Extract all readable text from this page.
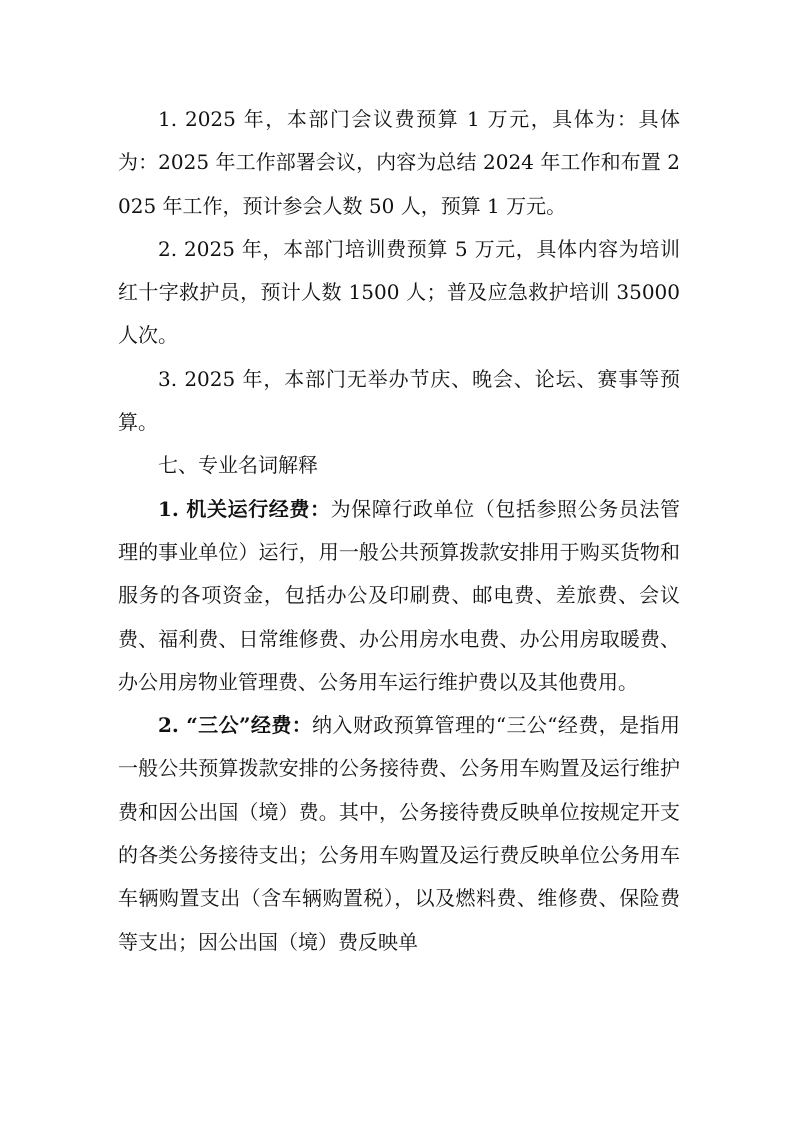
1. 2025 年，本部门会议费预算 1 万元，具体为：具体为：2025 年工作部署会议，内容为总结 2024 年工作和布置 2025 年工作，预计参会人数 50 人，预算 1 万元。

2. 2025 年，本部门培训费预算 5 万元，具体内容为培训红十字救护员，预计人数 1500 人；普及应急救护培训 35000 人次。

3. 2025 年，本部门无举办节庆、晚会、论坛、赛事等预算。

七、专业名词解释

1. 机关运行经费：为保障行政单位（包括参照公务员法管理的事业单位）运行，用一般公共预算拨款安排用于购买货物和服务的各项资金，包括办公及印刷费、邮电费、差旅费、会议费、福利费、日常维修费、办公用房水电费、办公用房取暖费、办公用房物业管理费、公务用车运行维护费以及其他费用。

2. “三公”经费：纳入财政预算管理的“三公“经费，是指用一般公共预算拨款安排的公务接待费、公务用车购置及运行维护费和因公出国（境）费。其中，公务接待费反映单位按规定开支的各类公务接待支出；公务用车购置及运行费反映单位公务用车车辆购置支出（含车辆购置税），以及燃料费、维修费、保险费等支出；因公出国（境）费反映单
